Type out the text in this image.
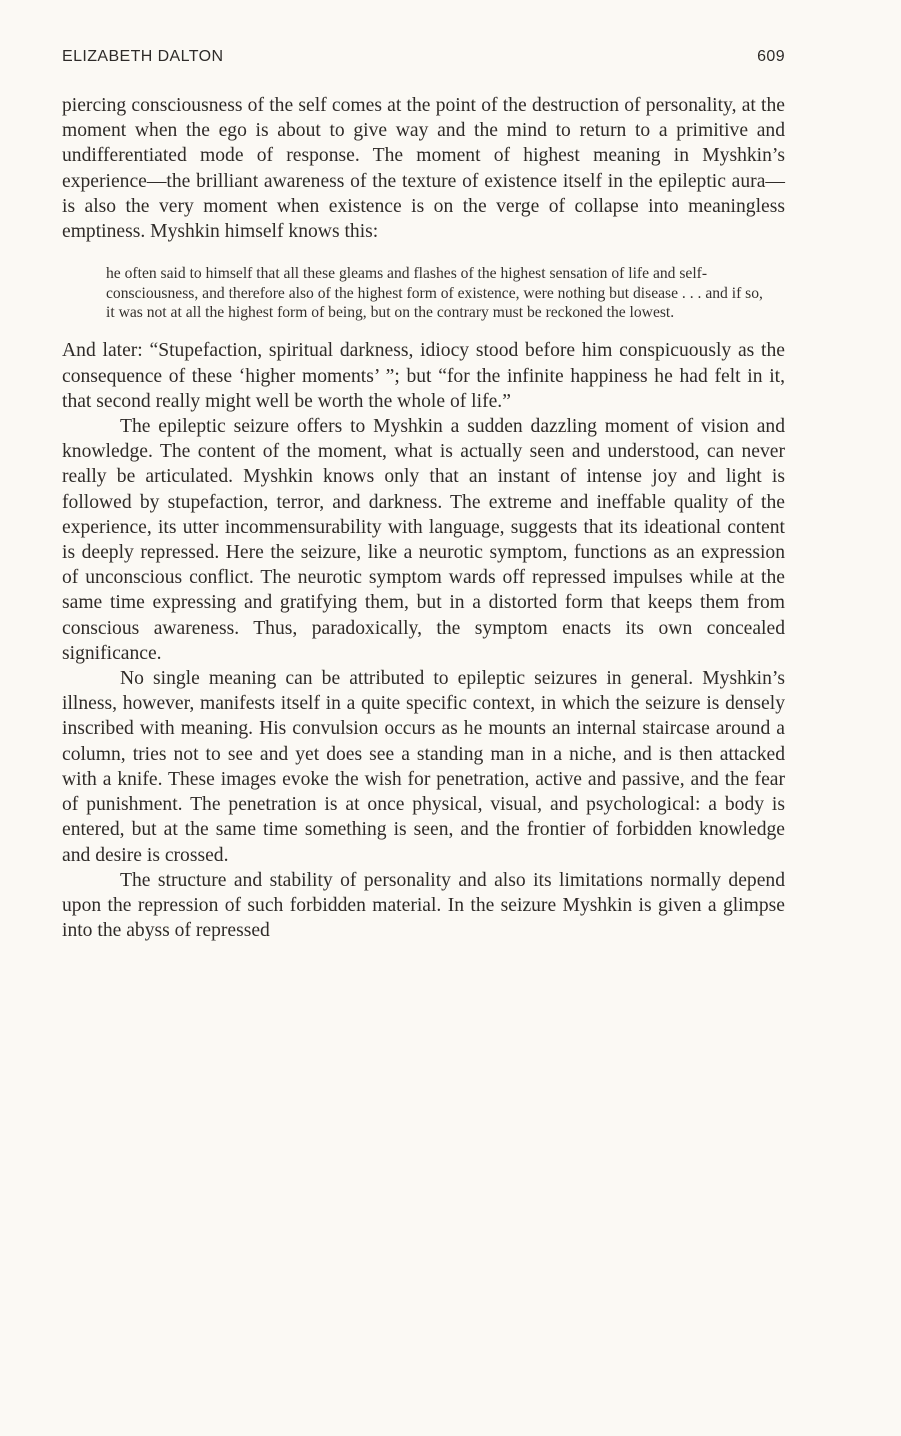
ELIZABETH DALTON	609

piercing consciousness of the self comes at the point of the destruction of personality, at the moment when the ego is about to give way and the mind to return to a primitive and undifferentiated mode of response. The moment of highest meaning in Myshkin’s experience—the brilliant awareness of the texture of existence itself in the epileptic aura—is also the very moment when existence is on the verge of collapse into meaningless emptiness. Myshkin himself knows this:

he often said to himself that all these gleams and flashes of the highest sensation of life and self-consciousness, and therefore also of the highest form of existence, were nothing but disease . . . and if so, it was not at all the highest form of being, but on the contrary must be reckoned the lowest.

And later: “Stupefaction, spiritual darkness, idiocy stood before him conspicuously as the consequence of these ‘higher moments’ ”; but “for the infinite happiness he had felt in it, that second really might well be worth the whole of life.”

The epileptic seizure offers to Myshkin a sudden dazzling moment of vision and knowledge. The content of the moment, what is actually seen and understood, can never really be articulated. Myshkin knows only that an instant of intense joy and light is followed by stupefaction, terror, and darkness. The extreme and ineffable quality of the experience, its utter incommensurability with language, suggests that its ideational content is deeply repressed. Here the seizure, like a neurotic symptom, functions as an expression of unconscious conflict. The neurotic symptom wards off repressed impulses while at the same time expressing and gratifying them, but in a distorted form that keeps them from conscious awareness. Thus, paradoxically, the symptom enacts its own concealed significance.

No single meaning can be attributed to epileptic seizures in general. Myshkin’s illness, however, manifests itself in a quite specific context, in which the seizure is densely inscribed with meaning. His convulsion occurs as he mounts an internal staircase around a column, tries not to see and yet does see a standing man in a niche, and is then attacked with a knife. These images evoke the wish for penetration, active and passive, and the fear of punishment. The penetration is at once physical, visual, and psychological: a body is entered, but at the same time something is seen, and the frontier of forbidden knowledge and desire is crossed.

The structure and stability of personality and also its limitations normally depend upon the repression of such forbidden material. In the seizure Myshkin is given a glimpse into the abyss of repressed
